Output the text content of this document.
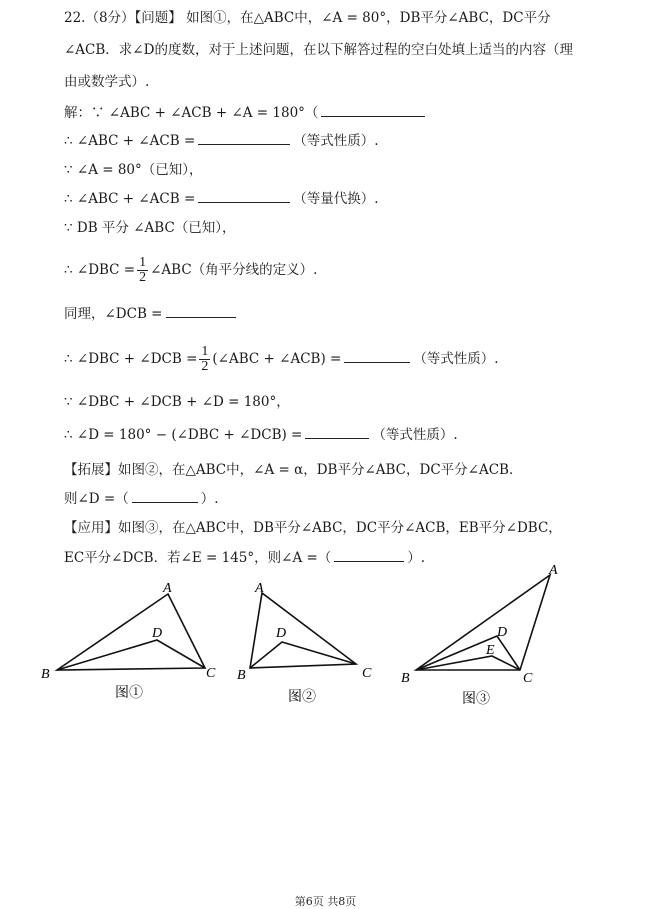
22.（8分）【问题】 如图①，在△ABC中，∠A = 80°，DB平分∠ABC，DC平分
∠ACB．求∠D的度数，对于上述问题，在以下解答过程的空白处填上适当的内容（理
由或数学式）.
解：∵ ∠ABC + ∠ACB + ∠A = 180°（
∴ ∠ABC + ∠ACB =	（等式性质）.
∵ ∠A = 80°（已知），
∴ ∠ABC + ∠ACB =	（等量代换）.
∵ DB 平分 ∠ABC（已知），
∴ ∠DBC = $\frac{1}{2}$ ∠ABC（角平分线的定义）.
同理，∠DCB =
∴ ∠DBC + ∠DCB = $\frac{1}{2}$ (∠ABC + ∠ACB) =	（等式性质）.
∵ ∠DBC + ∠DCB + ∠D = 180°，
∴ ∠D = 180° − (∠DBC + ∠DCB) =	（等式性质）.
【拓展】如图②，在△ABC中，∠A = α，DB平分∠ABC，DC平分∠ACB．
则∠D =（	）.
【应用】如图③，在△ABC中，DB平分∠ABC，DC平分∠ACB，EB平分∠DBC，
EC平分∠DCB．若∠E = 145°，则∠A =（	）.
A
B	C
D
图①
A
B	C
D
图②
A
B	C
D
E
图③
第6页 共8页
